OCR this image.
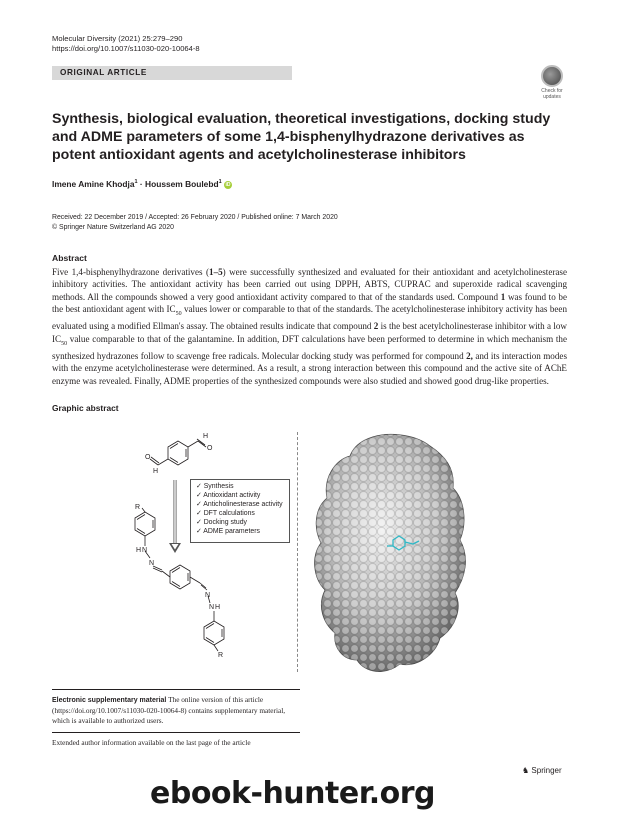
Molecular Diversity (2021) 25:279–290
https://doi.org/10.1007/s11030-020-10064-8
ORIGINAL ARTICLE
Check for updates
Synthesis, biological evaluation, theoretical investigations, docking study and ADME parameters of some 1,4-bisphenylhydrazone derivatives as potent antioxidant agents and acetylcholinesterase inhibitors
Imene Amine Khodja$^1$ · Houssem Boulebd$^1$ iD
Received: 22 December 2019 / Accepted: 26 February 2020 / Published online: 7 March 2020
© Springer Nature Switzerland AG 2020
Abstract

Five 1,4-bisphenylhydrazone derivatives (1–5) were successfully synthesized and evaluated for their antioxidant and acetylcholinesterase inhibitory activities. The antioxidant activity has been carried out using DPPH, ABTS, CUPRAC and superoxide radical scavenging methods. All the compounds showed a very good antioxidant activity compared to that of the standards used. Compound 1 was found to be the best antioxidant agent with $IC_{50}$ values lower or comparable to that of the standards. The acetylcholinesterase inhibitory activity has been evaluated using a modified Ellman's assay. The obtained results indicate that compound 2 is the best acetylcholinesterase inhibitor with a low $IC_{50}$ value comparable to that of the galantamine. In addition, DFT calculations have been performed to determine in which mechanism the synthesized hydrazones follow to scavenge free radicals. Molecular docking study was performed for compound 2, and its interaction modes with the enzyme acetylcholinesterase were determined. As a result, a strong interaction between this compound and the active site of AChE enzyme was revealed. Finally, ADME properties of the synthesized compounds were also studied and showed good drug-like properties.

Graphic abstract
O
H
O
H
R
H N
N
N
N H
R
✓ Synthesis
✓ Antioxidant activity
✓ Anticholinesterase activity
✓ DFT calculations
✓ Docking study
✓ ADME parameters
Electronic supplementary material The online version of this article (https://doi.org/10.1007/s11030-020-10064-8) contains supplementary material, which is available to authorized users.
Extended author information available on the last page of the article
♞ Springer
ebook-hunter.org
